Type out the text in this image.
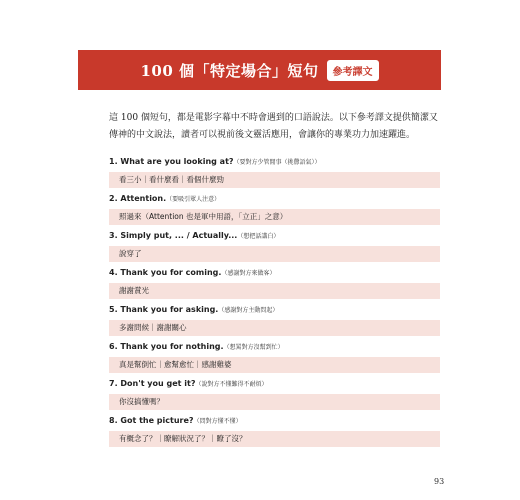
100 個「特定場合」短句	參考譯文

這 100 個短句，都是電影字幕中不時會遇到的口語說法。以下參考譯文提供簡潔又傳神的中文說法，讀者可以視前後文靈活應用，會讓你的專業功力加速躍進。

1. What are you looking at?（要對方少管閒事（挑釁語氣））
看三小｜看什麼看｜看個什麼勁
2. Attention.（要吸引眾人注意）
照過來（Attention 也是軍中用語，「立正」之意）
3. Simply put, ... / Actually...（想把話講白）
說穿了
4. Thank you for coming.（感謝對方來做客）
謝謝賞光
5. Thank you for asking.（感謝對方主動問起）
多謝問候｜謝謝關心
6. Thank you for nothing.（想罵對方沒幫到忙）
真是幫倒忙｜愈幫愈忙｜感謝雞婆
7. Don't you get it?（說對方不懂難得不耐煩）
你沒搞懂嗎？
8. Got the picture?（問對方懂不懂）
有概念了？｜瞭解狀況了？｜瞭了沒？
93
